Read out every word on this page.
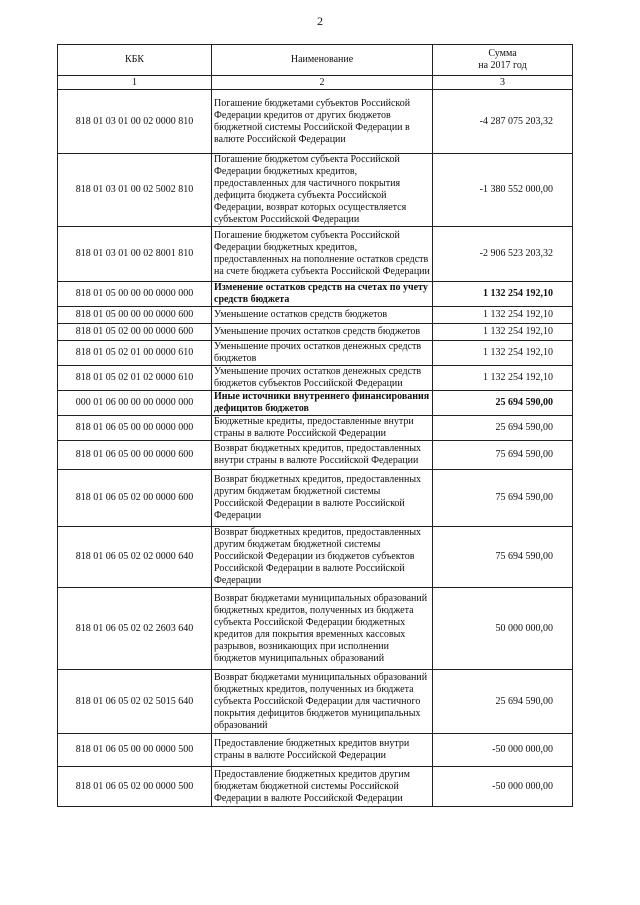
2
КБК	Наименование	Сумма
на 2017 год
1	2	3
818 01 03 01 00 02 0000 810	Погашение бюджетами субъектов Российской Федерации кредитов от других бюджетов бюджетной системы Российской Федерации в валюте Российской Федерации	-4 287 075 203,32
818 01 03 01 00 02 5002 810	Погашение бюджетом субъекта Российской Федерации бюджетных кредитов, предоставленных для частичного покрытия дефицита бюджета субъекта Российской Федерации, возврат которых осуществляется субъектом Российской Федерации	-1 380 552 000,00
818 01 03 01 00 02 8001 810	Погашение бюджетом субъекта Российской Федерации бюджетных кредитов, предоставленных на пополнение остатков средств на счете бюджета субъекта Российской Федерации	-2 906 523 203,32
818 01 05 00 00 00 0000 000	Изменение остатков средств на счетах по учету средств бюджета	1 132 254 192,10
818 01 05 00 00 00 0000 600	Уменьшение остатков средств бюджетов	1 132 254 192,10
818 01 05 02 00 00 0000 600	Уменьшение прочих остатков средств бюджетов	1 132 254 192,10
818 01 05 02 01 00 0000 610	Уменьшение прочих остатков денежных средств бюджетов	1 132 254 192,10
818 01 05 02 01 02 0000 610	Уменьшение прочих остатков денежных средств бюджетов субъектов Российской Федерации	1 132 254 192,10
000 01 06 00 00 00 0000 000	Иные источники внутреннего финансирования дефицитов бюджетов	25 694 590,00
818 01 06 05 00 00 0000 000	Бюджетные кредиты, предоставленные внутри страны в валюте Российской Федерации	25 694 590,00
818 01 06 05 00 00 0000 600	Возврат бюджетных кредитов, предоставленных внутри страны в валюте Российской Федерации	75 694 590,00
818 01 06 05 02 00 0000 600	Возврат бюджетных кредитов, предоставленных другим бюджетам бюджетной системы Российской Федерации в валюте Российской Федерации	75 694 590,00
818 01 06 05 02 02 0000 640	Возврат бюджетных кредитов, предоставленных другим бюджетам бюджетной системы Российской Федерации из бюджетов субъектов Российской Федерации в валюте Российской Федерации	75 694 590,00
818 01 06 05 02 02 2603 640	Возврат бюджетами муниципальных образований бюджетных кредитов, полученных из бюджета субъекта Российской Федерации бюджетных кредитов для покрытия временных кассовых разрывов, возникающих при исполнении бюджетов муниципальных образований	50 000 000,00
818 01 06 05 02 02 5015 640	Возврат бюджетами муниципальных образований бюджетных кредитов, полученных из бюджета субъекта Российской Федерации для частичного покрытия дефицитов бюджетов муниципальных образований	25 694 590,00
818 01 06 05 00 00 0000 500	Предоставление бюджетных кредитов внутри страны в валюте Российской Федерации	-50 000 000,00
818 01 06 05 02 00 0000 500	Предоставление бюджетных кредитов другим бюджетам бюджетной системы Российской Федерации в валюте Российской Федерации	-50 000 000,00
